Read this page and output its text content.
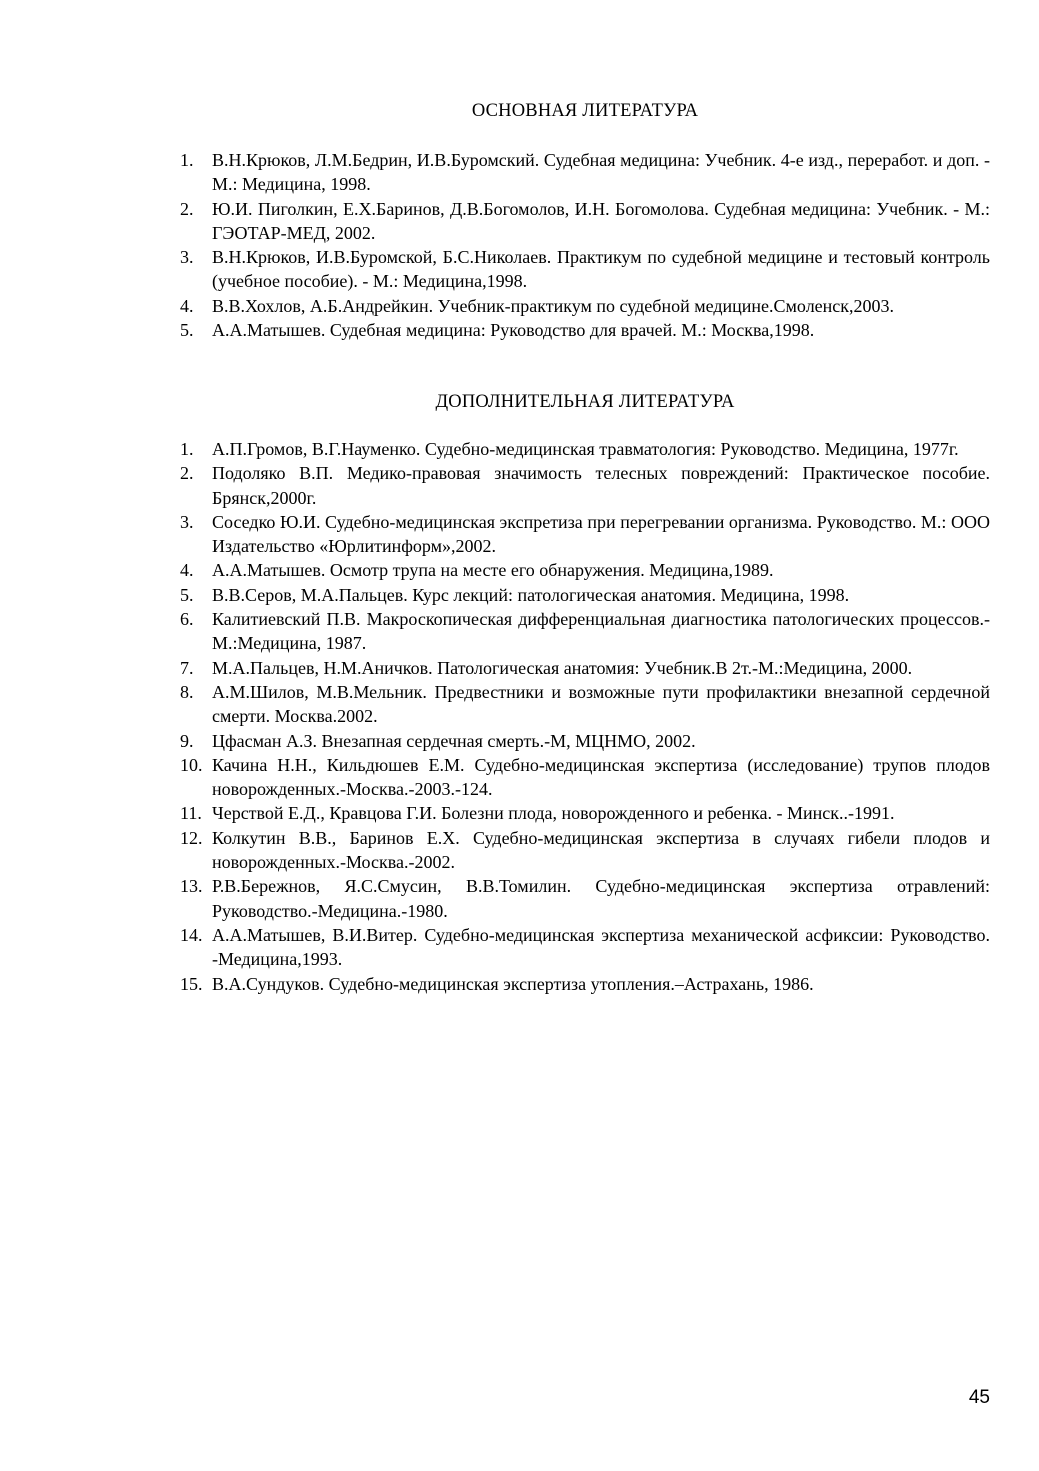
ОСНОВНАЯ ЛИТЕРАТУРА
1.	В.Н.Крюков, Л.М.Бедрин, И.В.Буромский. Судебная медицина: Учебник. 4-е изд., переработ. и доп. - М.: Медицина, 1998.
2.	Ю.И. Пиголкин, Е.Х.Баринов, Д.В.Богомолов, И.Н. Богомолова. Судебная медицина: Учебник. - М.: ГЭОТАР-МЕД, 2002.
3.	В.Н.Крюков, И.В.Буромской, Б.С.Николаев. Практикум по судебной медицине и тестовый контроль (учебное пособие). - М.: Медицина,1998.
4.	В.В.Хохлов, А.Б.Андрейкин. Учебник-практикум по судебной медицине.Смоленск,2003.
5.	А.А.Матышев. Судебная медицина: Руководство для врачей. М.: Москва,1998.
ДОПОЛНИТЕЛЬНАЯ ЛИТЕРАТУРА
1.	А.П.Громов, В.Г.Науменко. Судебно-медицинская травматология: Руководство. Медицина, 1977г.
2.	Подоляко В.П. Медико-правовая значимость телесных повреждений: Практическое пособие. Брянск,2000г.
3.	Соседко Ю.И. Судебно-медицинская экспретиза при перегревании организма. Руководство. М.: ООО Издательство «Юрлитинформ»,2002.
4.	А.А.Матышев. Осмотр трупа на месте его обнаружения. Медицина,1989.
5.	В.В.Серов, М.А.Пальцев. Курс лекций: патологическая анатомия. Медицина, 1998.
6.	Калитиевский П.В. Макроскопическая дифференциальная диагностика патологических процессов.- М.:Медицина, 1987.
7.	М.А.Пальцев, Н.М.Аничков. Патологическая анатомия: Учебник.В 2т.-М.:Медицина, 2000.
8.	А.М.Шилов, М.В.Мельник. Предвестники и возможные пути профилактики внезапной сердечной смерти. Москва.2002.
9.	Цфасман А.З. Внезапная сердечная смерть.-М, МЦНМО, 2002.
10. Качина Н.Н., Кильдюшев Е.М. Судебно-медицинская экспертиза (исследование) трупов плодов новорожденных.-Москва.-2003.-124.
11. Черствой Е.Д., Кравцова Г.И. Болезни плода, новорожденного и ребенка. - Минск..-1991.
12. Колкутин В.В., Баринов Е.Х. Судебно-медицинская экспертиза в случаях гибели плодов и новорожденных.-Москва.-2002.
13. Р.В.Бережнов, Я.С.Смусин, В.В.Томилин. Судебно-медицинская экспертиза отравлений: Руководство.-Медицина.-1980.
14. А.А.Матышев, В.И.Витер. Судебно-медицинская экспертиза механической асфиксии: Руководство. -Медицина,1993.
15. В.А.Сундуков. Судебно-медицинская экспертиза утопления.–Астрахань, 1986.
45
